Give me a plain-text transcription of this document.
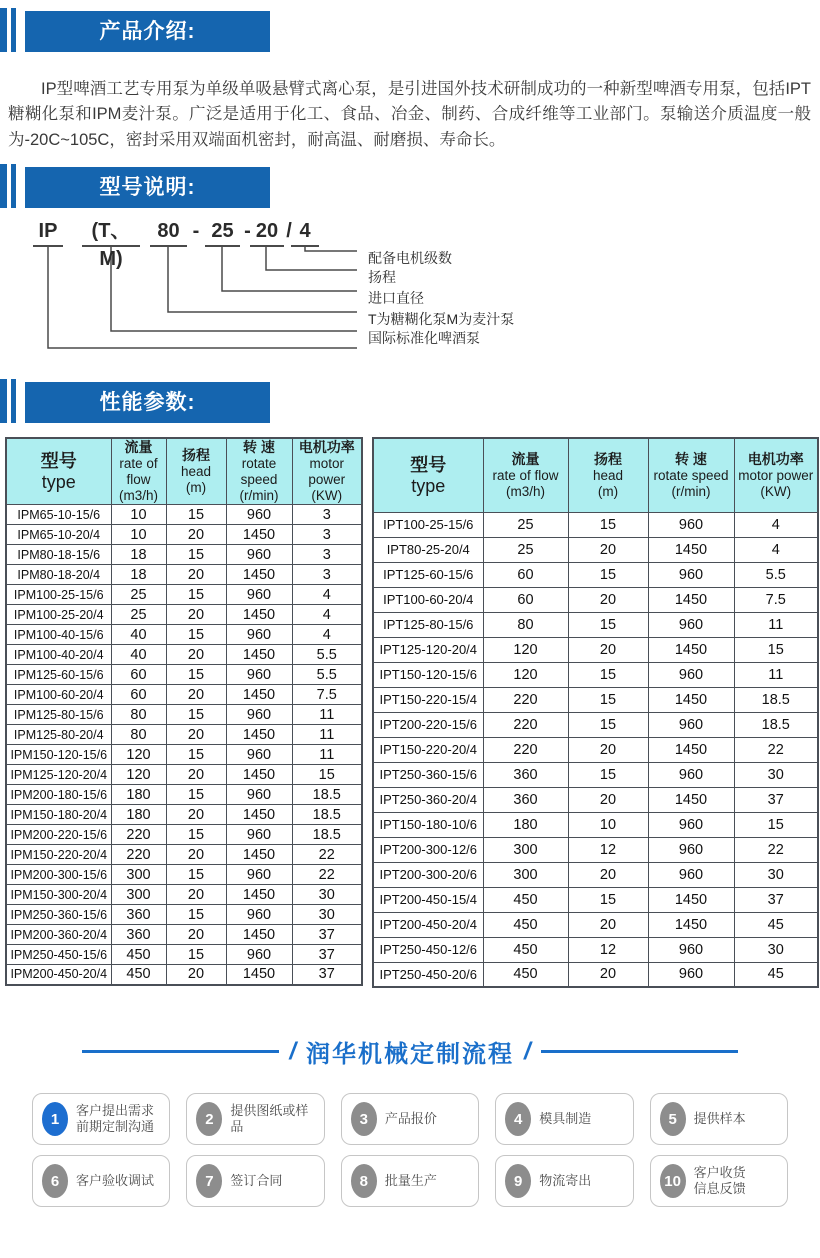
产品介绍:

IP型啤酒工艺专用泵为单级单吸悬臂式离心泵，是引进国外技术研制成功的一种新型啤酒专用泵，包括IPT糖糊化泵和IPM麦汁泵。广泛是适用于化工、食品、冶金、制药、合成纤维等工业部门。泵输送介质温度一般为-20C~105C，密封采用双端面机密封，耐高温、耐磨损、寿命长。

型号说明:
IP	(T、M)
80 - 25 - 20 / 4
配备电机级数
扬程
进口直径
T为糖糊化泵M为麦汁泵
国际标准化啤酒泵
性能参数:
型号
type

流量
rate of flow
(m3/h)

扬程
head
(m)

转 速
rotate speed
(r/min)

电机功率
motor power
(KW)

IPM65-10-15/6	10	15	960	3
IPM65-10-20/4	10	20	1450	3
IPM80-18-15/6	18	15	960	3
IPM80-18-20/4	18	20	1450	3
IPM100-25-15/6	25	15	960	4
IPM100-25-20/4	25	20	1450	4
IPM100-40-15/6	40	15	960	4
IPM100-40-20/4	40	20	1450	5.5
IPM125-60-15/6	60	15	960	5.5
IPM100-60-20/4	60	20	1450	7.5
IPM125-80-15/6	80	15	960	11
IPM125-80-20/4	80	20	1450	11
IPM150-120-15/6	120	15	960	11
IPM125-120-20/4	120	20	1450	15
IPM200-180-15/6	180	15	960	18.5
IPM150-180-20/4	180	20	1450	18.5
IPM200-220-15/6	220	15	960	18.5
IPM150-220-20/4	220	20	1450	22
IPM200-300-15/6	300	15	960	22
IPM150-300-20/4	300	20	1450	30
IPM250-360-15/6	360	15	960	30
IPM200-360-20/4	360	20	1450	37
IPM250-450-15/6	450	15	960	37
IPM200-450-20/4	450	20	1450	37
型号
type

流量
rate of flow
(m3/h)

扬程
head
(m)

转 速
rotate speed
(r/min)

电机功率
motor power
(KW)

IPT100-25-15/6	25	15	960	4
IPT80-25-20/4	25	20	1450	4
IPT125-60-15/6	60	15	960	5.5
IPT100-60-20/4	60	20	1450	7.5
IPT125-80-15/6	80	15	960	11
IPT125-120-20/4	120	20	1450	15
IPT150-120-15/6	120	15	960	11
IPT150-220-15/4	220	15	1450	18.5
IPT200-220-15/6	220	15	960	18.5
IPT150-220-20/4	220	20	1450	22
IPT250-360-15/6	360	15	960	30
IPT250-360-20/4	360	20	1450	37
IPT150-180-10/6	180	10	960	15
IPT200-300-12/6	300	12	960	22
IPT200-300-20/6	300	20	960	30
IPT200-450-15/4	450	15	1450	37
IPT200-450-20/4	450	20	1450	45
IPT250-450-12/6	450	12	960	30
IPT250-450-20/6	450	20	960	45
/ 润华机械定制流程 /
1	客户提出需求
前期定制沟通	2	提供图纸或样
品	3	产品报价	4	模具制造	5	提供样本
6	客户验收调试	7	签订合同	8	批量生产	9	物流寄出	10 客户收货
信息反馈
